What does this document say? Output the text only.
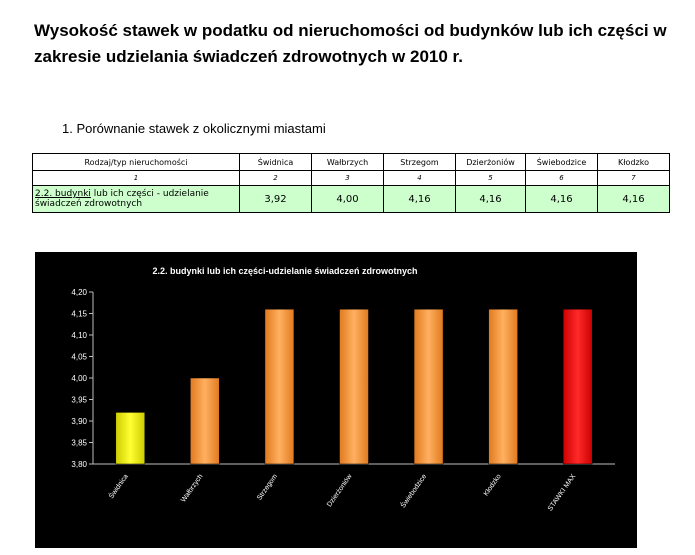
Wysokość stawek w podatku od nieruchomości od budynków lub ich części w zakresie udzielania świadczeń zdrowotnych w 2010 r.

1. Porównanie stawek z okolicznymi miastami

Rodzaj/typ nieruchomości	Świdnica	Wałbrzych	Strzegom	Dzierżoniów	Świebodzice	Kłodzko
1	2	3	4	5	6	7
2.2. budynki lub ich części - udzielanie świadczeń zdrowotnych	3,92	4,00	4,16	4,16	4,16	4,16
2.2. budynki lub ich części-udzielanie świadczeń zdrowotnych
4,20
4,15
4,10
4,05
4,00
3,95
3,90
3,85
3,80
Świdnica	Wałbrzych	Strzegom	Dzierżoniów	Świebodzice	Kłodzko	STAWKI MAX
